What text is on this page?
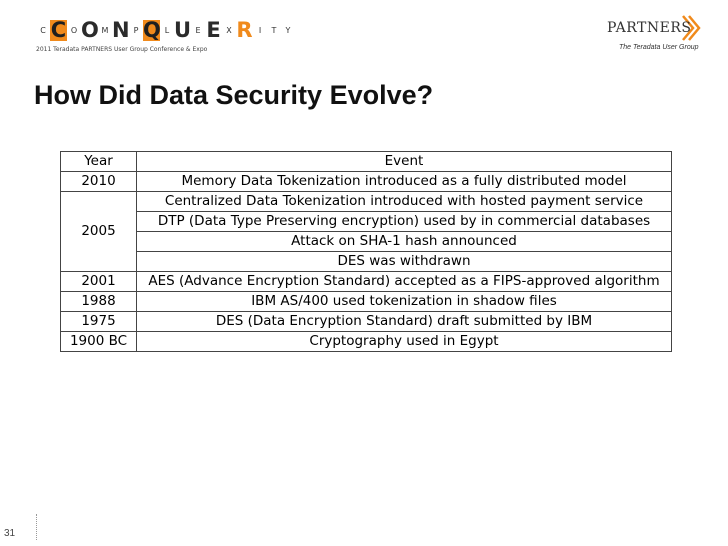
C C O O M N P Q L U E E X R I	T	Y
2011 Teradata PARTNERS User Group Conference & Expo
PARTNERS
The Teradata User Group
How Did Data Security Evolve?
Year	Event
2010	Memory Data Tokenization introduced as a fully distributed model
2005	Centralized Data Tokenization introduced with hosted payment service
	DTP (Data Type Preserving encryption) used by in commercial databases
	Attack on SHA-1 hash announced
	DES was withdrawn
2001	AES (Advance Encryption Standard) accepted as a FIPS-approved algorithm
1988	IBM AS/400 used tokenization in shadow files
1975	DES (Data Encryption Standard) draft submitted by IBM
1900 BC	Cryptography used in Egypt
31
